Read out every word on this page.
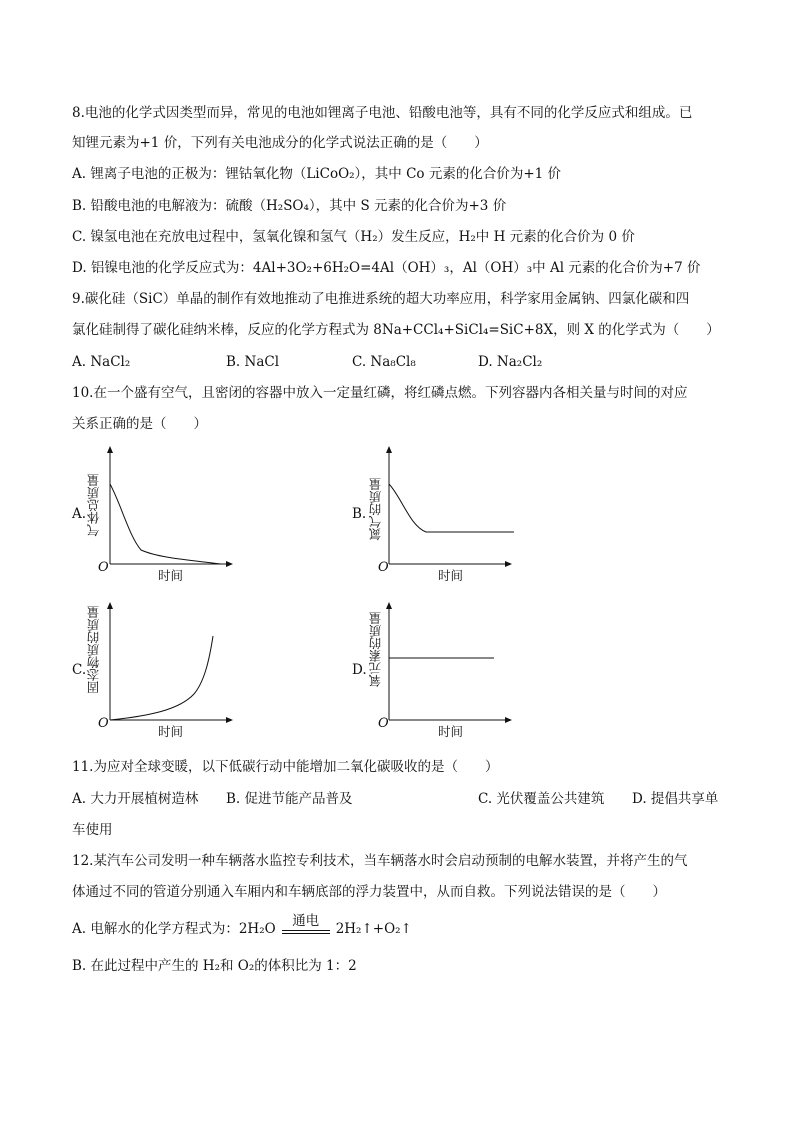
8.电池的化学式因类型而异，常见的电池如锂离子电池、铅酸电池等，具有不同的化学反应式和组成。已
知锂元素为+1 价，下列有关电池成分的化学式说法正确的是（　　）
A. 锂离子电池的正极为：锂钴氧化物（LiCoO₂），其中 Co 元素的化合价为+1 价
B. 铅酸电池的电解液为：硫酸（H₂SO₄），其中 S 元素的化合价为+3 价
C. 镍氢电池在充放电过程中，氢氧化镍和氢气（H₂）发生反应，H₂中 H 元素的化合价为 0 价
D. 铝镍电池的化学反应式为：4Al+3O₂+6H₂O=4Al（OH）₃，Al（OH）₃中 Al 元素的化合价为+7 价
9.碳化硅（SiC）单晶的制作有效地推动了电推进系统的超大功率应用，科学家用金属钠、四氯化碳和四
氯化硅制得了碳化硅纳米棒，反应的化学方程式为 8Na+CCl₄+SiCl₄=SiC+8X，则 X 的化学式为（　　）
A. NaCl₂	B. NaCl	C. Na₈Cl₈	D. Na₂Cl₂
10.在一个盛有空气，且密闭的容器中放入一定量红磷，将红磷点燃。下列容器内各相关量与时间的对应
关系正确的是（　　）
A. 气体总质量
O
时间
B. 氮气的质量
O
时间
C. 固态物质的质量
O
时间
D. 氧元素的质量
O
时间
11.为应对全球变暖，以下低碳行动中能增加二氧化碳吸收的是（　　）
A. 大力开展植树造林 B. 促进节能产品普及	C. 光伏覆盖公共建筑 D. 提倡共享单
车使用
12.某汽车公司发明一种车辆落水监控专利技术，当车辆落水时会启动预制的电解水装置，并将产生的气
体通过不同的管道分别通入车厢内和车辆底部的浮力装置中，从而自救。下列说法错误的是（　　）
A. 电解水的化学方程式为：2H₂O	通电	2H₂↑+O₂↑
B. 在此过程中产生的 H₂和 O₂的体积比为 1：2
